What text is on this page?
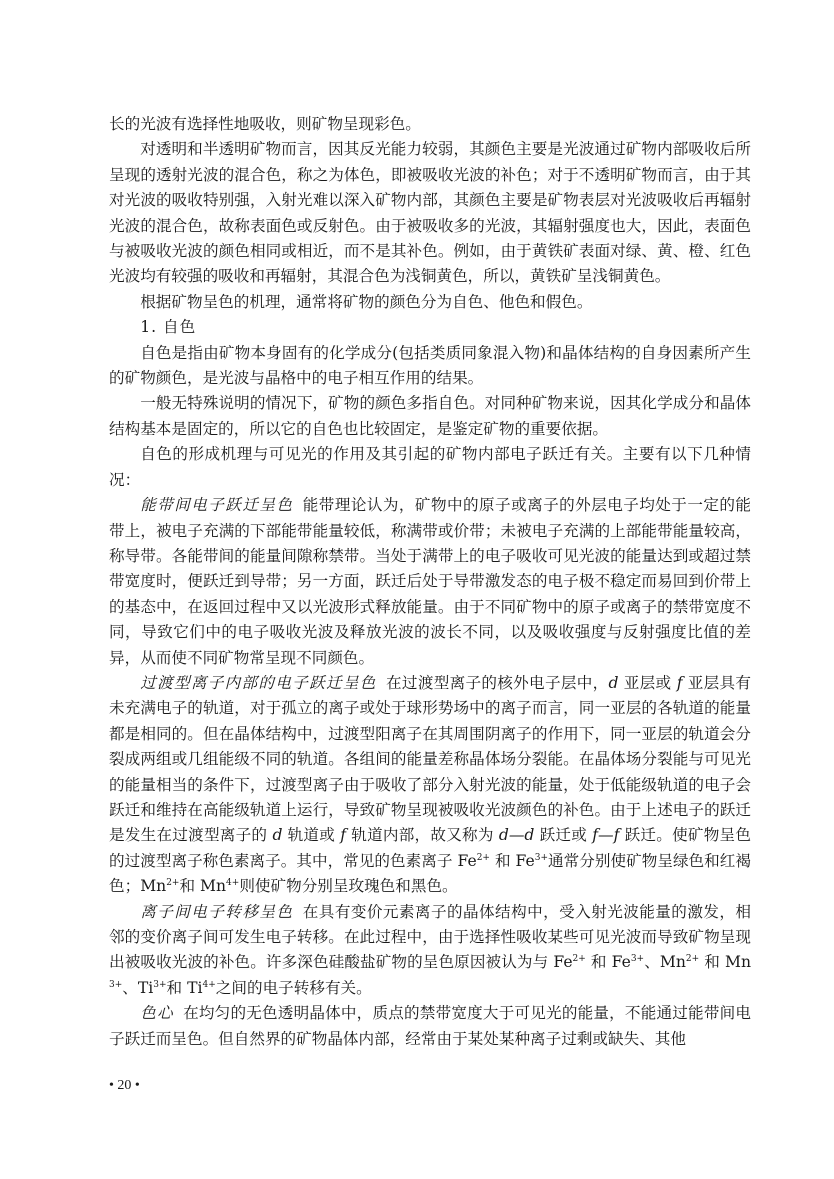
长的光波有选择性地吸收，则矿物呈现彩色。

对透明和半透明矿物而言，因其反光能力较弱，其颜色主要是光波通过矿物内部吸收后所呈现的透射光波的混合色，称之为体色，即被吸收光波的补色；对于不透明矿物而言，由于其对光波的吸收特别强，入射光难以深入矿物内部，其颜色主要是矿物表层对光波吸收后再辐射光波的混合色，故称表面色或反射色。由于被吸收多的光波，其辐射强度也大，因此，表面色与被吸收光波的颜色相同或相近，而不是其补色。例如，由于黄铁矿表面对绿、黄、橙、红色光波均有较强的吸收和再辐射，其混合色为浅铜黄色，所以，黄铁矿呈浅铜黄色。

根据矿物呈色的机理，通常将矿物的颜色分为自色、他色和假色。

1. 自色

自色是指由矿物本身固有的化学成分(包括类质同象混入物)和晶体结构的自身因素所产生的矿物颜色，是光波与晶格中的电子相互作用的结果。

一般无特殊说明的情况下，矿物的颜色多指自色。对同种矿物来说，因其化学成分和晶体结构基本是固定的，所以它的自色也比较固定，是鉴定矿物的重要依据。

自色的形成机理与可见光的作用及其引起的矿物内部电子跃迁有关。主要有以下几种情况：

能带间电子跃迁呈色 能带理论认为，矿物中的原子或离子的外层电子均处于一定的能带上，被电子充满的下部能带能量较低，称满带或价带；未被电子充满的上部能带能量较高，称导带。各能带间的能量间隙称禁带。当处于满带上的电子吸收可见光波的能量达到或超过禁带宽度时，便跃迁到导带；另一方面，跃迁后处于导带激发态的电子极不稳定而易回到价带上的基态中，在返回过程中又以光波形式释放能量。由于不同矿物中的原子或离子的禁带宽度不同，导致它们中的电子吸收光波及释放光波的波长不同，以及吸收强度与反射强度比值的差异，从而使不同矿物常呈现不同颜色。

过渡型离子内部的电子跃迁呈色 在过渡型离子的核外电子层中，d 亚层或 f 亚层具有未充满电子的轨道，对于孤立的离子或处于球形势场中的离子而言，同一亚层的各轨道的能量都是相同的。但在晶体结构中，过渡型阳离子在其周围阴离子的作用下，同一亚层的轨道会分裂成两组或几组能级不同的轨道。各组间的能量差称晶体场分裂能。在晶体场分裂能与可见光的能量相当的条件下，过渡型离子由于吸收了部分入射光波的能量，处于低能级轨道的电子会跃迁和维持在高能级轨道上运行，导致矿物呈现被吸收光波颜色的补色。由于上述电子的跃迁是发生在过渡型离子的 d 轨道或 f 轨道内部，故又称为 d—d 跃迁或 f—f 跃迁。使矿物呈色的过渡型离子称色素离子。其中，常见的色素离子 $Fe^{2+}$ 和 $Fe^{3+}$通常分别使矿物呈绿色和红褐色；$Mn^{2+}$和 $Mn^{4+}$则使矿物分别呈玫瑰色和黑色。

离子间电子转移呈色 在具有变价元素离子的晶体结构中，受入射光波能量的激发，相邻的变价离子间可发生电子转移。在此过程中，由于选择性吸收某些可见光波而导致矿物呈现出被吸收光波的补色。许多深色硅酸盐矿物的呈色原因被认为与 $Fe^{2+}$ 和 $Fe^{3+}$、$Mn^{2+}$ 和 $Mn^{3+}$、$Ti^{3+}$和 $Ti^{4+}$之间的电子转移有关。

色心 在均匀的无色透明晶体中，质点的禁带宽度大于可见光的能量，不能通过能带间电子跃迁而呈色。但自然界的矿物晶体内部，经常由于某处某种离子过剩或缺失、其他

• 20 •
